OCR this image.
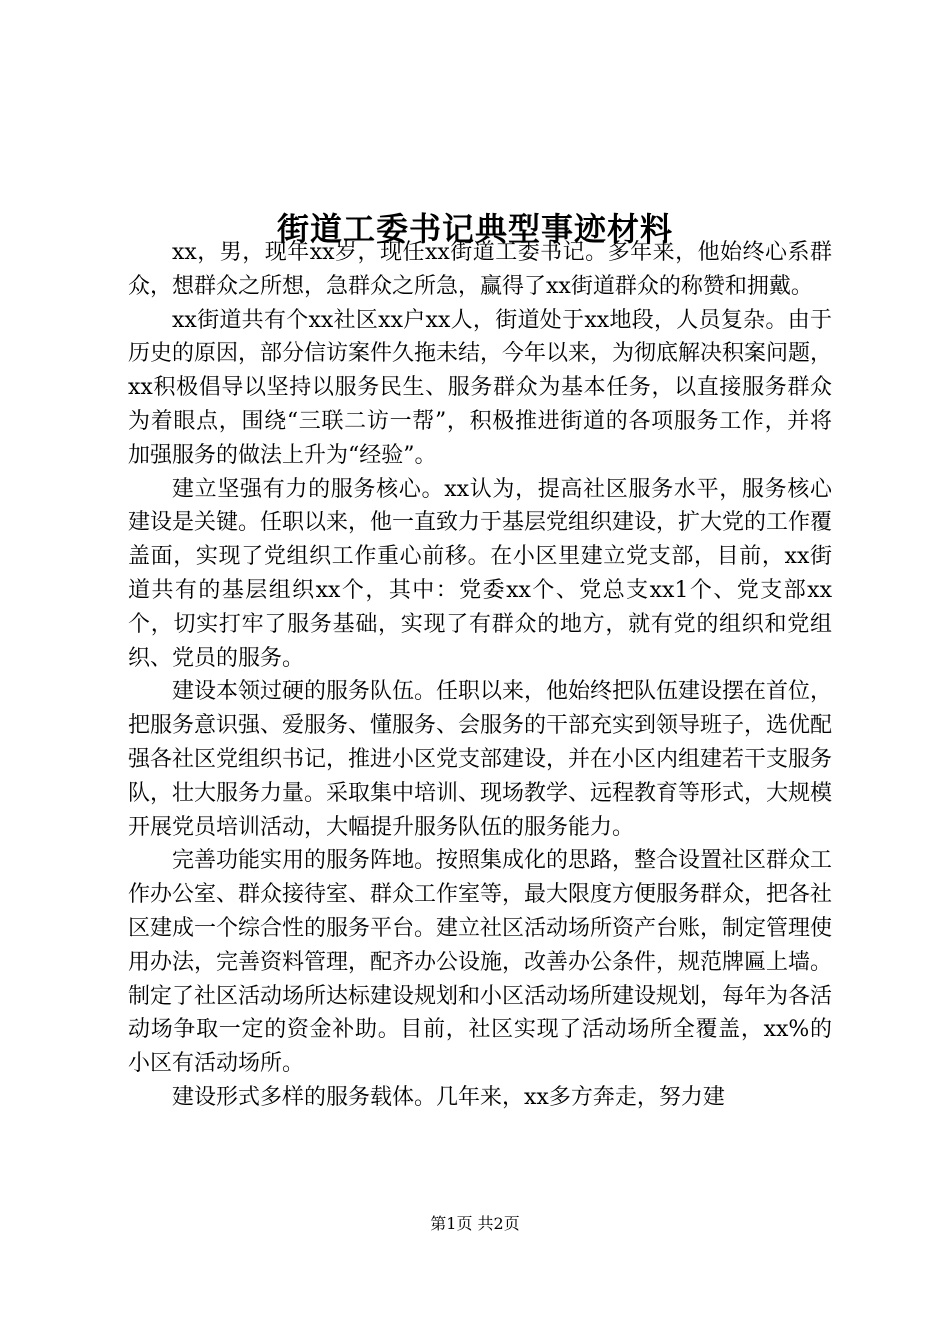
街道工委书记典型事迹材料

xx，男，现年xx岁，现任xx街道工委书记。多年来，他始终心系群众，想群众之所想，急群众之所急，赢得了xx街道群众的称赞和拥戴。

xx街道共有个xx社区xx户xx人，街道处于xx地段，人员复杂。由于历史的原因，部分信访案件久拖未结，今年以来，为彻底解决积案问题，xx积极倡导以坚持以服务民生、服务群众为基本任务，以直接服务群众为着眼点，围绕“三联二访一帮”，积极推进街道的各项服务工作，并将加强服务的做法上升为“经验”。

建立坚强有力的服务核心。xx认为，提高社区服务水平，服务核心建设是关键。任职以来，他一直致力于基层党组织建设，扩大党的工作覆盖面，实现了党组织工作重心前移。在小区里建立党支部，目前，xx街道共有的基层组织xx个，其中：党委xx个、党总支xx1个、党支部xx个，切实打牢了服务基础，实现了有群众的地方，就有党的组织和党组织、党员的服务。

建设本领过硬的服务队伍。任职以来，他始终把队伍建设摆在首位，把服务意识强、爱服务、懂服务、会服务的干部充实到领导班子，选优配强各社区党组织书记，推进小区党支部建设，并在小区内组建若干支服务队，壮大服务力量。采取集中培训、现场教学、远程教育等形式，大规模开展党员培训活动，大幅提升服务队伍的服务能力。

完善功能实用的服务阵地。按照集成化的思路，整合设置社区群众工作办公室、群众接待室、群众工作室等，最大限度方便服务群众，把各社区建成一个综合性的服务平台。建立社区活动场所资产台账，制定管理使用办法，完善资料管理，配齐办公设施，改善办公条件，规范牌匾上墙。制定了社区活动场所达标建设规划和小区活动场所建设规划，每年为各活动场争取一定的资金补助。目前，社区实现了活动场所全覆盖，xx%的小区有活动场所。

建设形式多样的服务载体。几年来，xx多方奔走，努力建

第1页 共2页
